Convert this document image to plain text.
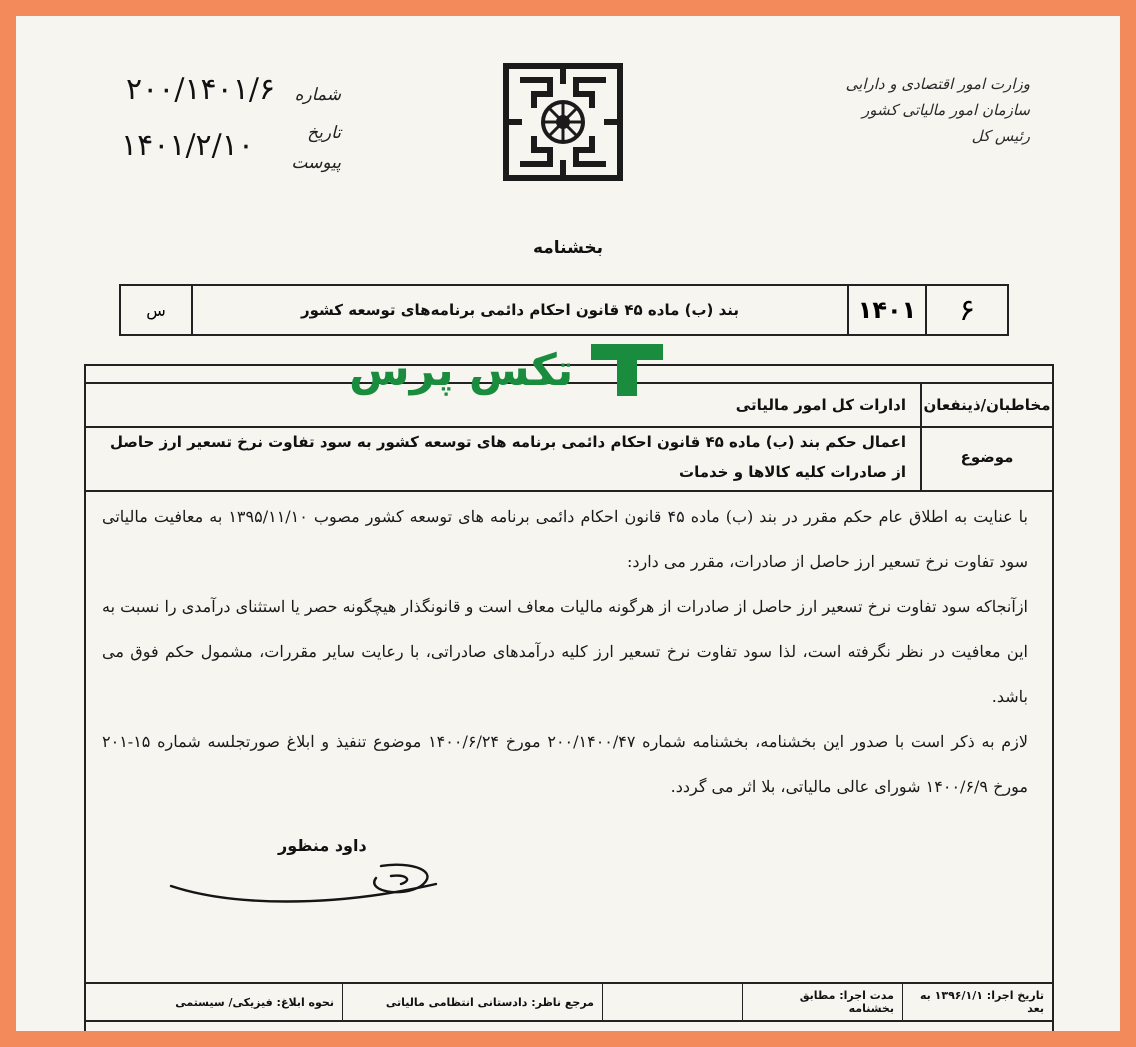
وزارت امور اقتصادی و دارایی
سازمان امور مالیاتی کشور
رئیس کل
شماره
تاریخ
پیوست
۲۰۰/۱۴۰۱/۶
۱۴۰۱/۲/۱۰
بخشنامه
۶
۱۴۰۱
بند (ب) ماده ۴۵ قانون احکام دائمی برنامه‌های توسعه کشور
س
مخاطبان/ذینفعان
ادارات کل امور مالیاتی
موضوع
اعمال حکم بند (ب) ماده ۴۵ قانون احکام دائمی برنامه های توسعه کشور به سود تفاوت نرخ تسعیر ارز حاصل از صادرات کلیه کالاها و خدمات
تکس پرس

با عنایت به اطلاق عام حکم مقرر در بند (ب) ماده ۴۵ قانون احکام دائمی برنامه های توسعه کشور مصوب ۱۳۹۵/۱۱/۱۰ به معافیت مالیاتی سود تفاوت نرخ تسعیر ارز حاصل از صادرات، مقرر می دارد:

ازآنجاکه سود تفاوت نرخ تسعیر ارز حاصل از صادرات از هرگونه مالیات معاف است و قانونگذار هیچگونه حصر یا استثنای درآمدی را نسبت به این معافیت در نظر نگرفته است، لذا سود تفاوت نرخ تسعیر ارز کلیه درآمدهای صادراتی، با رعایت سایر مقررات، مشمول حکم فوق می باشد.

لازم به ذکر است با صدور این بخشنامه، بخشنامه شماره ۲۰۰/۱۴۰۰/۴۷ مورخ ۱۴۰۰/۶/۲۴ موضوع تنفیذ و ابلاغ صورتجلسه شماره ۱۵-۲۰۱ مورخ ۱۴۰۰/۶/۹ شورای عالی مالیاتی، بلا اثر می گردد.

داود منظور
تاریخ اجرا: ۱۳۹۶/۱/۱ به بعد
مدت اجرا: مطابق بخشنامه
مرجع ناظر: دادستانی انتظامی مالیاتی
نحوه ابلاغ: فیزیکی/ سیستمی
